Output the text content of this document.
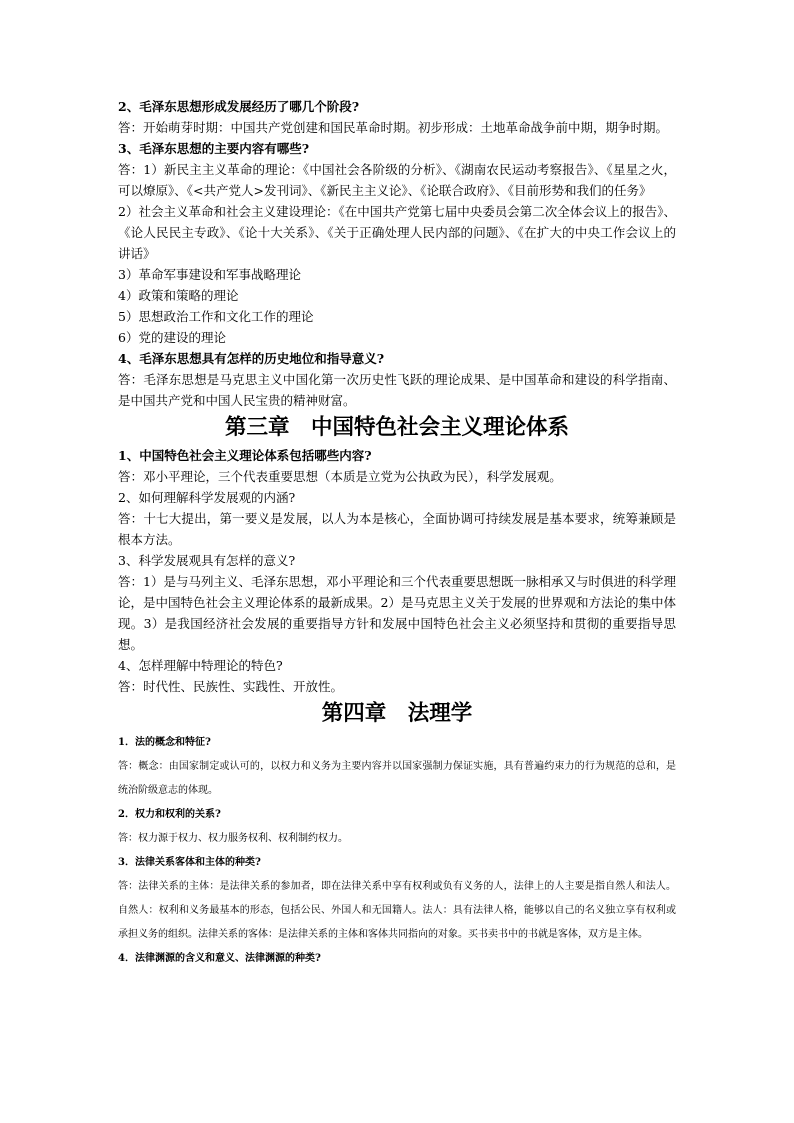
2、毛泽东思想形成发展经历了哪几个阶段?

答：开始萌芽时期：中国共产党创建和国民革命时期。初步形成：土地革命战争前中期，期争时期。

3、毛泽东思想的主要内容有哪些?

答：1）新民主主义革命的理论：《中国社会各阶级的分析》、《湖南农民运动考察报告》、《星星之火，可以燎原》、《<共产党人>发刊词》、《新民主主义论》、《论联合政府》、《目前形势和我们的任务》

2）社会主义革命和社会主义建设理论：《在中国共产党第七届中央委员会第二次全体会议上的报告》、《论人民民主专政》、《论十大关系》、《关于正确处理人民内部的问题》、《在扩大的中央工作会议上的讲话》

3）革命军事建设和军事战略理论

4）政策和策略的理论

5）思想政治工作和文化工作的理论

6）党的建设的理论

4、毛泽东思想具有怎样的历史地位和指导意义?

答：毛泽东思想是马克思主义中国化第一次历史性飞跃的理论成果、是中国革命和建设的科学指南、是中国共产党和中国人民宝贵的精神财富。

第三章　中国特色社会主义理论体系

1、中国特色社会主义理论体系包括哪些内容?

答：邓小平理论，三个代表重要思想（本质是立党为公执政为民），科学发展观。

2、如何理解科学发展观的内涵?

答：十七大提出，第一要义是发展，以人为本是核心，全面协调可持续发展是基本要求，统筹兼顾是根本方法。

3、科学发展观具有怎样的意义?

答：1）是与马列主义、毛泽东思想，邓小平理论和三个代表重要思想既一脉相承又与时俱进的科学理论，是中国特色社会主义理论体系的最新成果。2）是马克思主义关于发展的世界观和方法论的集中体现。3）是我国经济社会发展的重要指导方针和发展中国特色社会主义必须坚持和贯彻的重要指导思想。

4、怎样理解中特理论的特色?

答：时代性、民族性、实践性、开放性。

第四章　法理学

1．法的概念和特征?

答：概念：由国家制定或认可的，以权力和义务为主要内容并以国家强制力保证实施，具有普遍约束力的行为规范的总和，是统治阶级意志的体现。

2．权力和权利的关系?

答：权力源于权力、权力服务权利、权利制约权力。

3．法律关系客体和主体的种类?

答：法律关系的主体：是法律关系的参加者，即在法律关系中享有权利或负有义务的人，法律上的人主要是指自然人和法人。自然人：权利和义务最基本的形态，包括公民、外国人和无国籍人。法人：具有法律人格，能够以自己的名义独立享有权利或承担义务的组织。法律关系的客体：是法律关系的主体和客体共同指向的对象。买书卖书中的书就是客体，双方是主体。

4．法律渊源的含义和意义、法律渊源的种类?
